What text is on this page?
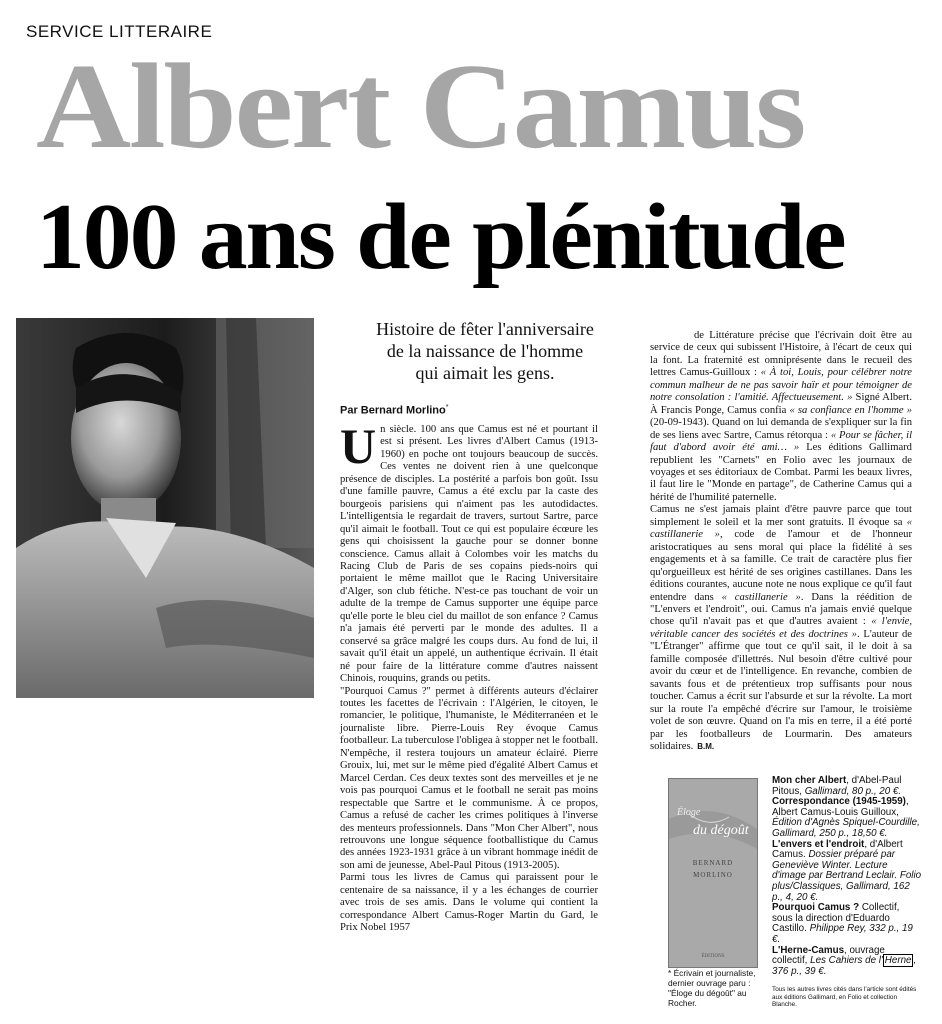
SERVICE LITTERAIRE
Albert Camus
100 ans de plénitude
Histoire de fêter l'anniversaire
de la naissance de l'homme
qui aimait les gens.
Par Bernard Morlino*

Un siècle. 100 ans que Camus est né et pourtant il est si présent. Les livres d'Albert Camus (1913-1960) en poche ont toujours beaucoup de succès. Ces ventes ne doivent rien à une quelconque présence de disciples. La postérité a parfois bon goût. Issu d'une famille pauvre, Camus a été exclu par la caste des bourgeois parisiens qui n'aiment pas les autodidactes. L'intelligentsia le regardait de travers, surtout Sartre, parce qu'il aimait le football. Tout ce qui est populaire écœure les gens qui choisissent la gauche pour se donner bonne conscience. Camus allait à Colombes voir les matchs du Racing Club de Paris de ses copains pieds-noirs qui portaient le même maillot que le Racing Universitaire d'Alger, son club fétiche. N'est-ce pas touchant de voir un adulte de la trempe de Camus supporter une équipe parce qu'elle porte le bleu ciel du maillot de son enfance ? Camus n'a jamais été perverti par le monde des adultes. Il a conservé sa grâce malgré les coups durs. Au fond de lui, il savait qu'il était un appelé, un authentique écrivain. Il était né pour faire de la littérature comme d'autres naissent Chinois, rouquins, grands ou petits.

"Pourquoi Camus ?" permet à différents auteurs d'éclairer toutes les facettes de l'écrivain : l'Algérien, le citoyen, le romancier, le politique, l'humaniste, le Méditerranéen et le journaliste libre. Pierre-Louis Rey évoque Camus footballeur. La tuberculose l'obligea à stopper net le football. N'empêche, il restera toujours un amateur éclairé. Pierre Grouix, lui, met sur le même pied d'égalité Albert Camus et Marcel Cerdan. Ces deux textes sont des merveilles et je ne vois pas pourquoi Camus et le football ne serait pas moins respectable que Sartre et le communisme. À ce propos, Camus a refusé de cacher les crimes politiques à l'inverse des menteurs professionnels. Dans "Mon Cher Albert", nous retrouvons une longue séquence footballistique du Camus des années 1923-1931 grâce à un vibrant hommage inédit de son ami de jeunesse, Abel-Paul Pitous (1913-2005).

Parmi tous les livres de Camus qui paraissent pour le centenaire de sa naissance, il y a les échanges de courrier avec trois de ses amis. Dans le volume qui contient la correspondance Albert Camus-Roger Martin du Gard, le Prix Nobel 1957

de Littérature précise que l'écrivain doit être au service de ceux qui subissent l'Histoire, à l'écart de ceux qui la font. La fraternité est omniprésente dans le recueil des lettres Camus-Guilloux : « À toi, Louis, pour célébrer notre commun malheur de ne pas savoir haïr et pour témoigner de notre consolation : l'amitié. Affectueusement. » Signé Albert. À Francis Ponge, Camus confia « sa confiance en l'homme » (20-09-1943). Quand on lui demanda de s'expliquer sur la fin de ses liens avec Sartre, Camus rétorqua : « Pour se fâcher, il faut d'abord avoir été ami… » Les éditions Gallimard republient les "Carnets" en Folio avec les journaux de voyages et ses éditoriaux de Combat. Parmi les beaux livres, il faut lire le "Monde en partage", de Catherine Camus qui a hérité de l'humilité paternelle.

Camus ne s'est jamais plaint d'être pauvre parce que tout simplement le soleil et la mer sont gratuits. Il évoque sa « castillanerie », code de l'amour et de l'honneur aristocratiques au sens moral qui place la fidélité à ses engagements et à sa famille. Ce trait de caractère plus fier qu'orgueilleux est hérité de ses origines castillanes. Dans les éditions courantes, aucune note ne nous explique ce qu'il faut entendre dans « castillanerie ». Dans la réédition de "L'envers et l'endroit", oui. Camus n'a jamais envié quelque chose qu'il n'avait pas et que d'autres avaient : « l'envie, véritable cancer des sociétés et des doctrines ». L'auteur de "L'Étranger" affirme que tout ce qu'il sait, il le doit à sa famille composée d'illettrés. Nul besoin d'être cultivé pour avoir du cœur et de l'intelligence. En revanche, combien de savants fous et de prétentieux trop suffisants pour nous toucher. Camus a écrit sur l'absurde et sur la révolte. La mort sur la route l'a empêché d'écrire sur l'amour, le troisième volet de son œuvre. Quand on l'a mis en terre, il a été porté par les footballeurs de Lourmarin. Des amateurs solidaires. B.M.

Éloge
du dégoût
BERNARD
MORLINO
ÉDITIONS
* Écrivain et journaliste, dernier ouvrage paru : "Éloge du dégoût" au Rocher.

Mon cher Albert, d'Abel-Paul Pitous, Gallimard, 80 p., 20 €.

Correspondance (1945-1959), Albert Camus-Louis Guilloux, Édition d'Agnès Spiquel-Courdille, Gallimard, 250 p., 18,50 €.

L'envers et l'endroit, d'Albert Camus. Dossier préparé par Geneviève Winter. Lecture d'image par Bertrand Leclair. Folio plus/Classiques, Gallimard, 162 p., 4, 20 €.

Pourquoi Camus ? Collectif, sous la direction d'Eduardo Castillo. Philippe Rey, 332 p., 19 €.

L'Herne-Camus, ouvrage collectif, Les Cahiers de l' Herne , 376 p., 39 €.

Tous les autres livres cités dans l'article sont édités aux éditions Gallimard, en Folio et collection Blanche.
